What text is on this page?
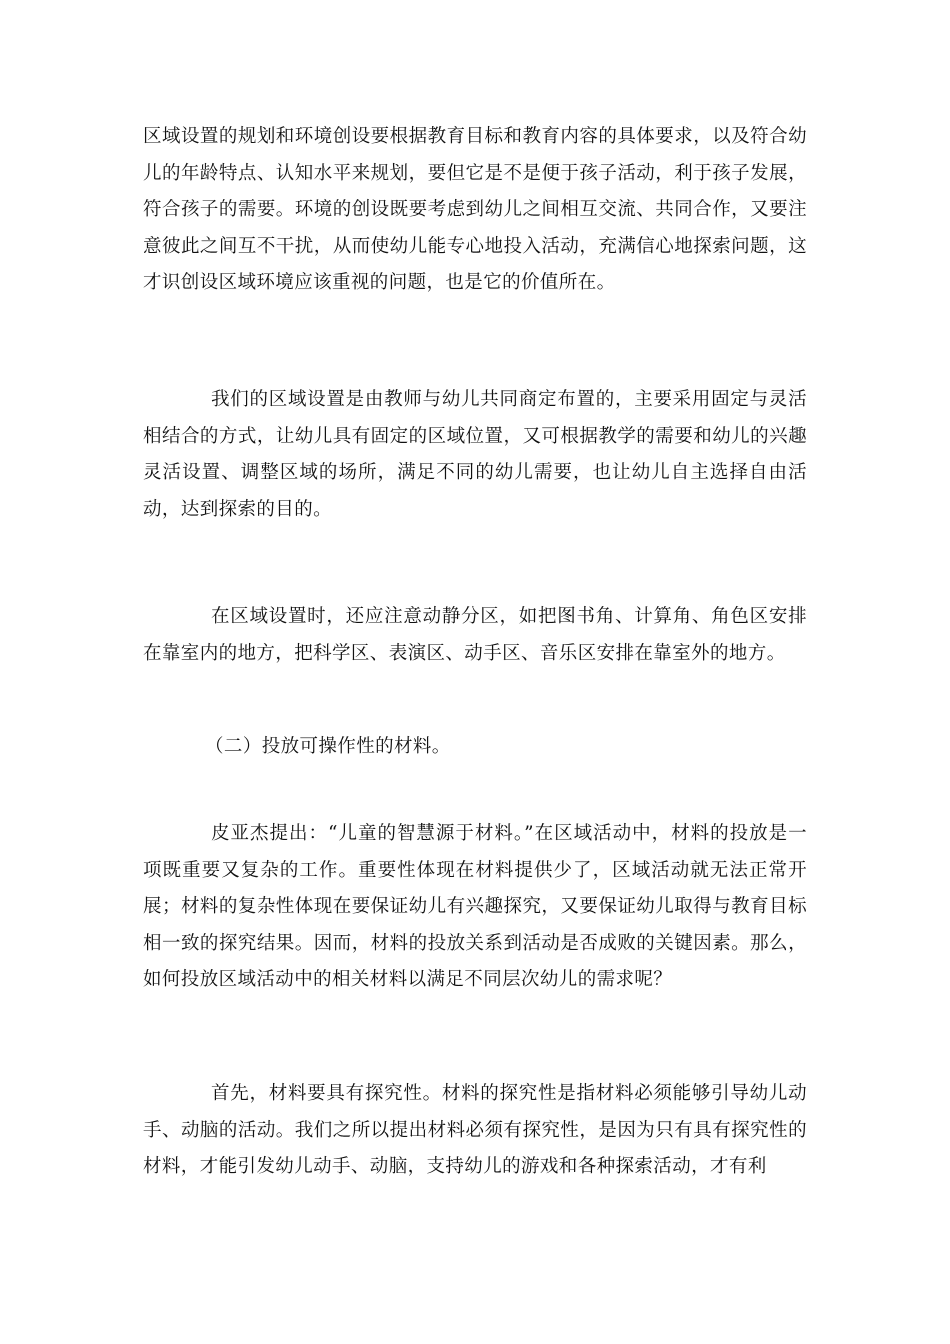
区域设置的规划和环境创设要根据教育目标和教育内容的具体要求，以及符合幼儿的年龄特点、认知水平来规划，要但它是不是便于孩子活动，利于孩子发展，符合孩子的需要。环境的创设既要考虑到幼儿之间相互交流、共同合作，又要注意彼此之间互不干扰，从而使幼儿能专心地投入活动，充满信心地探索问题，这才识创设区域环境应该重视的问题，也是它的价值所在。

我们的区域设置是由教师与幼儿共同商定布置的，主要采用固定与灵活相结合的方式，让幼儿具有固定的区域位置，又可根据教学的需要和幼儿的兴趣灵活设置、调整区域的场所，满足不同的幼儿需要，也让幼儿自主选择自由活动，达到探索的目的。

在区域设置时，还应注意动静分区，如把图书角、计算角、角色区安排在靠室内的地方，把科学区、表演区、动手区、音乐区安排在靠室外的地方。

（二）投放可操作性的材料。

皮亚杰提出：“儿童的智慧源于材料。”在区域活动中，材料的投放是一项既重要又复杂的工作。重要性体现在材料提供少了，区域活动就无法正常开展；材料的复杂性体现在要保证幼儿有兴趣探究，又要保证幼儿取得与教育目标相一致的探究结果。因而，材料的投放关系到活动是否成败的关键因素。那么，如何投放区域活动中的相关材料以满足不同层次幼儿的需求呢？

首先，材料要具有探究性。材料的探究性是指材料必须能够引导幼儿动手、动脑的活动。我们之所以提出材料必须有探究性，是因为只有具有探究性的材料，才能引发幼儿动手、动脑，支持幼儿的游戏和各种探索活动，才有利
